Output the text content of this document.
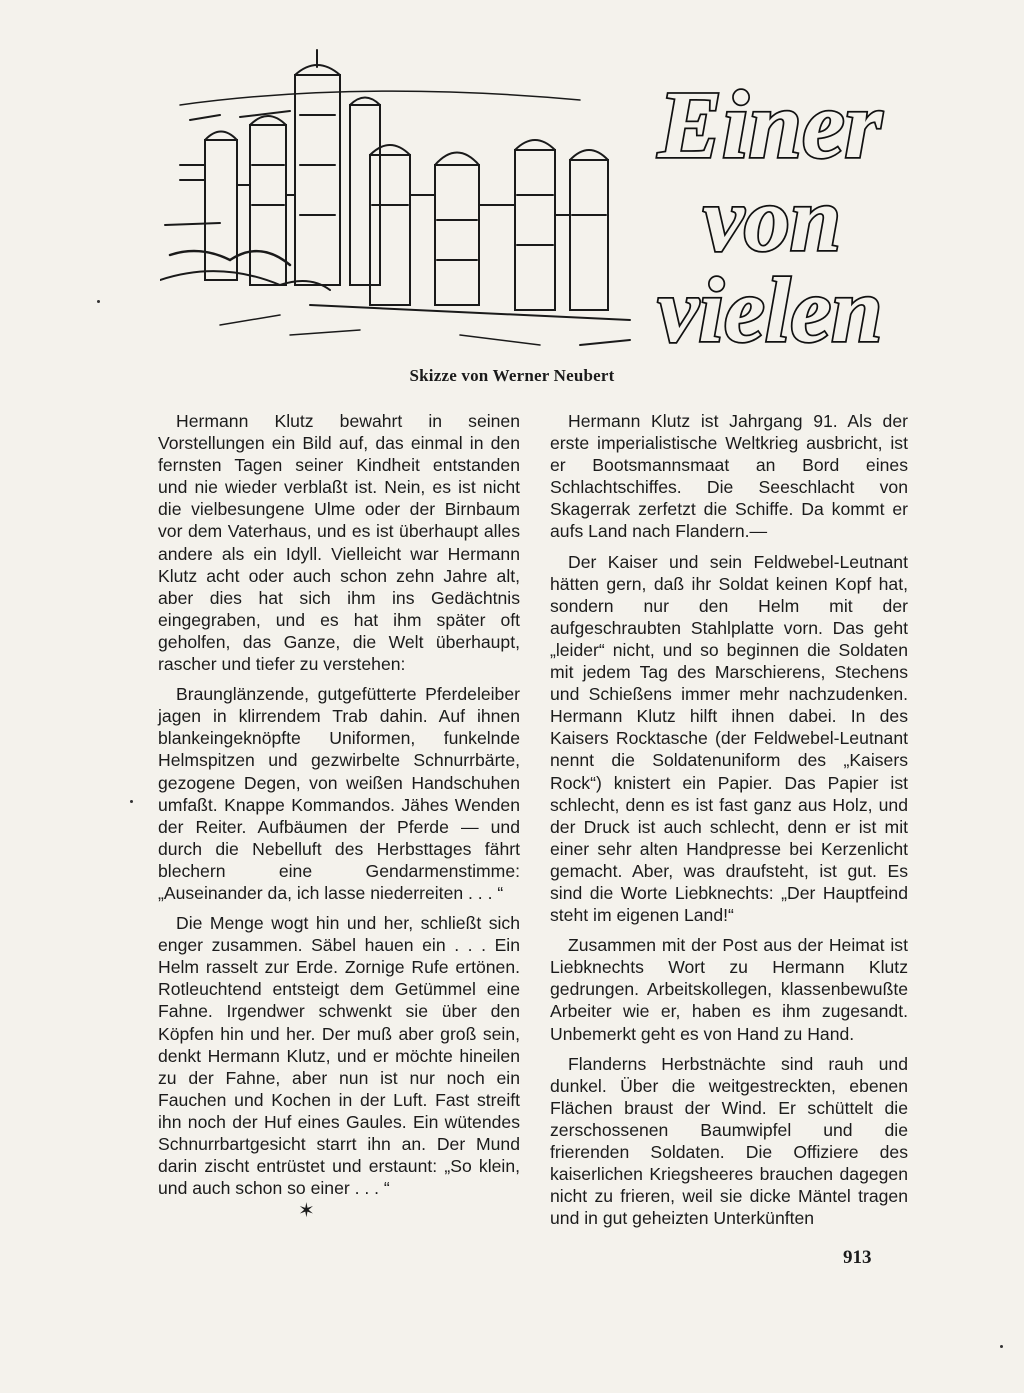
Einer
von
vielen
Skizze von Werner Neubert

Hermann Klutz bewahrt in seinen Vorstellungen ein Bild auf, das einmal in den fernsten Tagen seiner Kindheit entstanden und nie wieder verblaßt ist. Nein, es ist nicht die vielbesungene Ulme oder der Birnbaum vor dem Vaterhaus, und es ist überhaupt alles andere als ein Idyll. Vielleicht war Hermann Klutz acht oder auch schon zehn Jahre alt, aber dies hat sich ihm ins Gedächtnis eingegraben, und es hat ihm später oft geholfen, das Ganze, die Welt überhaupt, rascher und tiefer zu verstehen:

Braunglänzende, gutgefütterte Pferdeleiber jagen in klirrendem Trab dahin. Auf ihnen blankeingeknöpfte Uniformen, funkelnde Helmspitzen und gezwirbelte Schnurrbärte, gezogene Degen, von weißen Handschuhen umfaßt. Knappe Kommandos. Jähes Wenden der Reiter. Aufbäumen der Pferde — und durch die Nebelluft des Herbsttages fährt blechern eine Gendarmenstimme: „Auseinander da, ich lasse niederreiten . . . “

Die Menge wogt hin und her, schließt sich enger zusammen. Säbel hauen ein . . . Ein Helm rasselt zur Erde. Zornige Rufe ertönen. Rotleuchtend entsteigt dem Getümmel eine Fahne. Irgendwer schwenkt sie über den Köpfen hin und her. Der muß aber groß sein, denkt Hermann Klutz, und er möchte hineilen zu der Fahne, aber nun ist nur noch ein Fauchen und Kochen in der Luft. Fast streift ihn noch der Huf eines Gaules. Ein wütendes Schnurrbartgesicht starrt ihn an. Der Mund darin zischt entrüstet und erstaunt: „So klein, und auch schon so einer . . . “

✶

Hermann Klutz ist Jahrgang 91. Als der erste imperialistische Weltkrieg ausbricht, ist er Bootsmannsmaat an Bord eines Schlachtschiffes. Die Seeschlacht von Skagerrak zerfetzt die Schiffe. Da kommt er aufs Land nach Flandern.—

Der Kaiser und sein Feldwebel-Leutnant hätten gern, daß ihr Soldat keinen Kopf hat, sondern nur den Helm mit der aufgeschraubten Stahlplatte vorn. Das geht „leider“ nicht, und so beginnen die Soldaten mit jedem Tag des Marschierens, Stechens und Schießens immer mehr nachzudenken. Hermann Klutz hilft ihnen dabei. In des Kaisers Rocktasche (der Feldwebel-Leutnant nennt die Soldatenuniform des „Kaisers Rock“) knistert ein Papier. Das Papier ist schlecht, denn es ist fast ganz aus Holz, und der Druck ist auch schlecht, denn er ist mit einer sehr alten Handpresse bei Kerzenlicht gemacht. Aber, was draufsteht, ist gut. Es sind die Worte Liebknechts: „Der Hauptfeind steht im eigenen Land!“

Zusammen mit der Post aus der Heimat ist Liebknechts Wort zu Hermann Klutz gedrungen. Arbeitskollegen, klassenbewußte Arbeiter wie er, haben es ihm zugesandt. Unbemerkt geht es von Hand zu Hand.

Flanderns Herbstnächte sind rauh und dunkel. Über die weitgestreckten, ebenen Flächen braust der Wind. Er schüttelt die zerschossenen Baumwipfel und die frierenden Soldaten. Die Offiziere des kaiserlichen Kriegsheeres brauchen dagegen nicht zu frieren, weil sie dicke Mäntel tragen und in gut geheizten Unterkünften

913
